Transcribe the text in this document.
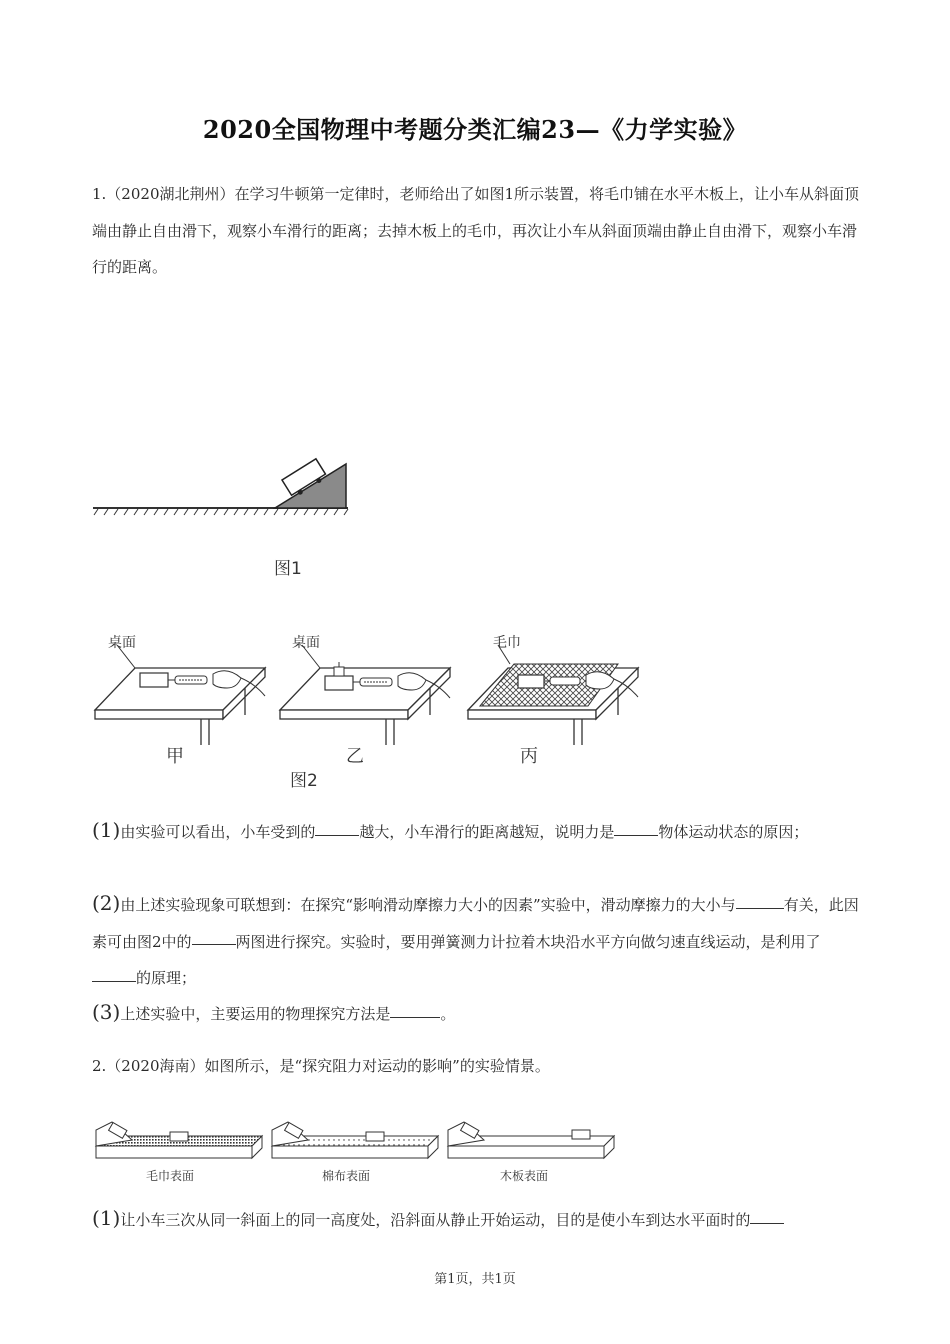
2020全国物理中考题分类汇编23—《力学实验》
1.（2020湖北荆州）在学习牛顿第一定律时，老师给出了如图1所示装置，将毛巾铺在水平木板上，让小车从斜面顶端由静止自由滑下，观察小车滑行的距离；去掉木板上的毛巾，再次让小车从斜面顶端由静止自由滑下，观察小车滑行的距离。
图1
桌面
甲
桌面
乙
毛巾
丙
图2
(1)由实验可以看出，小车受到的	越大，小车滑行的距离越短，说明力是	物体运动状态的原因；
(2)由上述实验现象可联想到：在探究“影响滑动摩擦力大小的因素”实验中，滑动摩擦力的大小与	有关，此因素可由图2中的	两图进行探究。实验时，要用弹簧测力计拉着木块沿水平方向做匀速直线运动，是利用了的原理；
(3)上述实验中，主要运用的物理探究方法是	。
2.（2020海南）如图所示，是“探究阻力对运动的影响”的实验情景。
毛巾表面	棉布表面	木板表面
(1)让小车三次从同一斜面上的同一高度处，沿斜面从静止开始运动，目的是使小车到达水平面时的
第1页，共1页
